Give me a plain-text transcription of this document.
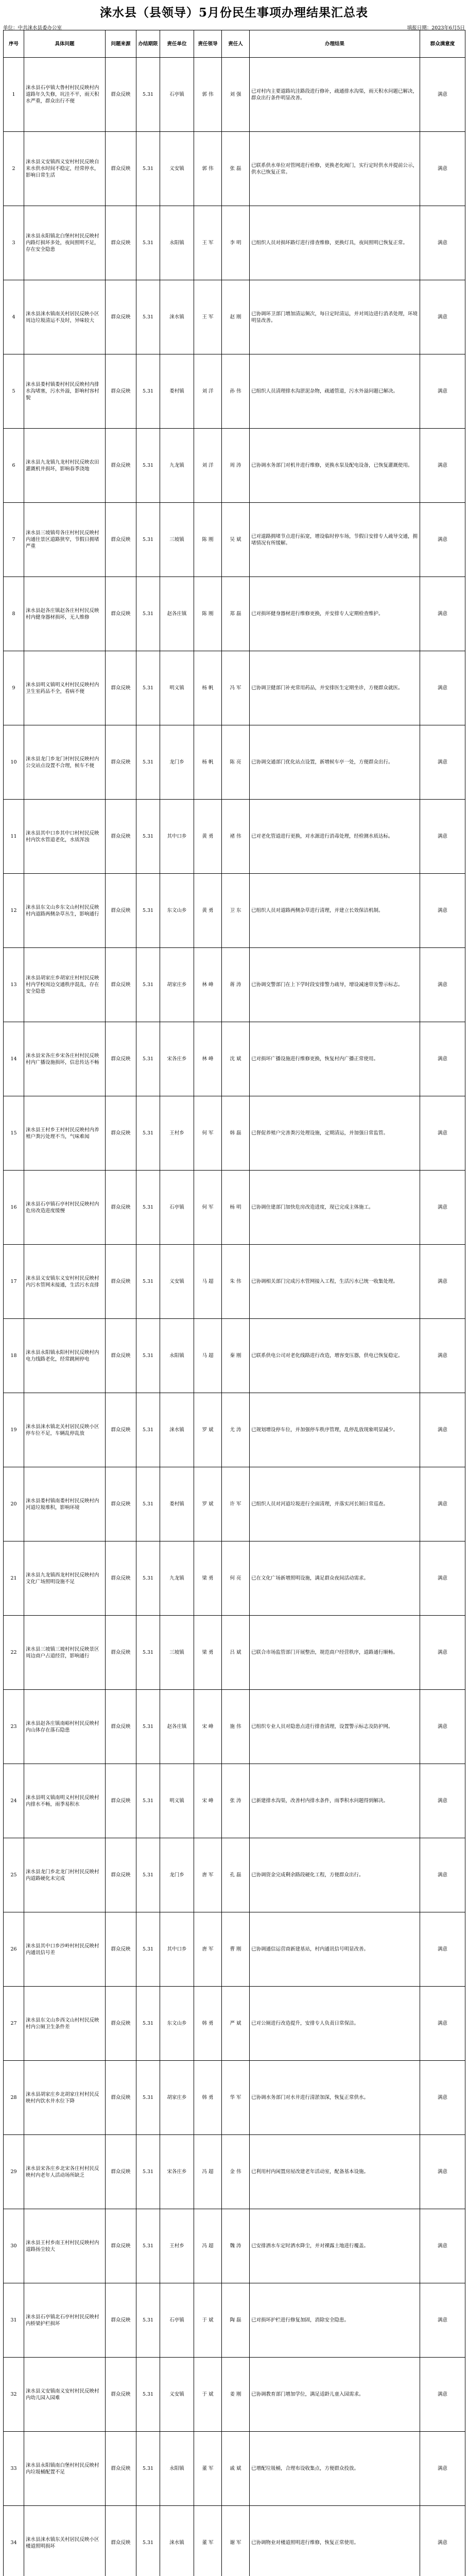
涞水县（县领导）5月份民生事项办理结果汇总表
单位：中共涞水县委办公室	填报日期：2023年6月5日
序号	具体问题	问题来源	办结期限	责任单位	责任领导	责任人	办理结果	群众满意度
1	涞水县石亭镇大鲁村村民反映村内道路年久失修，坑洼不平，雨天积水严重，群众出行不便	群众反映	5.31	石亭镇	郭 伟	刘 强	已对村内主要道路坑洼路段进行修补，疏通排水沟渠，雨天积水问题已解决，群众出行条件明显改善。	满意
2	涞水县义安镇西义安村村民反映自来水供水时间不稳定，经常停水，影响日常生活	群众反映	5.31	义安镇	郭 伟	张 磊	已联系供水单位对管网进行检修，更换老化阀门，实行定时供水并提前公示，供水已恢复正常。	满意
3	涞水县永阳镇北白堡村村民反映村内路灯损坏多处，夜间照明不足，存在安全隐患	群众反映	5.31	永阳镇	王 军	李 明	已组织人员对损坏路灯进行排查维修，更换灯具，夜间照明已恢复正常。	满意
4	涞水县涞水镇南关村居民反映小区周边垃圾清运不及时，异味较大	群众反映	5.31	涞水镇	王 军	赵 刚	已协调环卫部门增加清运频次，每日定时清运，并对周边进行消杀处理，环境明显改善。	满意
5	涞水县娄村镇娄村村民反映村内排水沟堵塞，污水外溢，影响村容村貌	群众反映	5.31	娄村镇	刘 洋	孙 伟	已组织人员清理排水沟淤泥杂物，疏通管道，污水外溢问题已解决。	满意
6	涞水县九龙镇九龙村村民反映农田灌溉机井损坏，影响春季浇地	群众反映	5.31	九龙镇	刘 洋	周 涛	已协调水务部门对机井进行维修，更换水泵及配电设备，已恢复灌溉使用。	满意
7	涞水县三坡镇苟各庄村村民反映村内通往景区道路狭窄，节假日拥堵严重	群众反映	5.31	三坡镇	陈 刚	吴 斌	已对道路拥堵节点进行拓宽，增设临时停车场，节假日安排专人疏导交通，拥堵情况有所缓解。	满意
8	涞水县赵各庄镇赵各庄村村民反映村内健身器材损坏，无人维修	群众反映	5.31	赵各庄镇	陈 刚	郑 磊	已对损坏健身器材进行维修更换，并安排专人定期检查维护。	满意
9	涞水县明义镇明义村村民反映村内卫生室药品不全，看病不便	群众反映	5.31	明义镇	杨 帆	冯 军	已协调卫健部门补充常用药品，并安排医生定期坐诊，方便群众就医。	满意
10	涞水县龙门乡龙门村村民反映村内公交站点设置不合理，候车不便	群众反映	5.31	龙门乡	杨 帆	陈 亮	已协调交通部门优化站点设置，新增候车亭一处，方便群众出行。	满意
11	涞水县其中口乡其中口村村民反映村内饮水管道老化，水质浑浊	群众反映	5.31	其中口乡	黄 勇	褚 伟	已对老化管道进行更换，对水源进行消毒处理，经检测水质达标。	满意
12	涞水县东文山乡东文山村村民反映村内道路两侧杂草丛生，影响通行	群众反映	5.31	东文山乡	黄 勇	卫 东	已组织人员对道路两侧杂草进行清理，并建立长效保洁机制。	满意
13	涞水县胡家庄乡胡家庄村村民反映村内学校周边交通秩序混乱，存在安全隐患	群众反映	5.31	胡家庄乡	林 峰	蒋 涛	已协调交警部门在上下学时段安排警力疏导，增设减速带及警示标志。	满意
14	涞水县宋各庄乡宋各庄村村民反映村内广播设施损坏，信息传达不畅	群众反映	5.31	宋各庄乡	林 峰	沈 斌	已对损坏广播设施进行维修更换，恢复村内广播正常使用。	满意
15	涞水县王村乡王村村民反映村内养殖户粪污处理不当，气味难闻	群众反映	5.31	王村乡	何 军	韩 磊	已督促养殖户完善粪污处理设施，定期清运，并加强日常监管。	满意
16	涞水县石亭镇石亭村村民反映村内危房改造进度缓慢	群众反映	5.31	石亭镇	何 军	杨 明	已协调住建部门加快危房改造进度，现已完成主体施工。	满意
17	涞水县义安镇东义安村村民反映村内污水管网未接通，生活污水直排	群众反映	5.31	义安镇	马 超	朱 伟	已协调相关部门完成污水管网接入工程，生活污水已统一收集处理。	满意
18	涞水县永阳镇永阳村村民反映村内电力线路老化，经常跳闸停电	群众反映	5.31	永阳镇	马 超	秦 刚	已联系供电公司对老化线路进行改造，增容变压器，供电已恢复稳定。	满意
19	涞水县涞水镇北关村居民反映小区停车位不足，车辆乱停乱放	群众反映	5.31	涞水镇	罗 斌	尤 涛	已规划增设停车位，并加强停车秩序管理，乱停乱放现象明显减少。	满意
20	涞水县娄村镇南娄村村民反映村内河道垃圾堆积，影响环境	群众反映	5.31	娄村镇	罗 斌	许 军	已组织人员对河道垃圾进行全面清理，并落实河长制日常巡查。	满意
21	涞水县九龙镇西龙村村民反映村内文化广场照明设施不足	群众反映	5.31	九龙镇	梁 勇	何 亮	已在文化广场新增照明设施，满足群众夜间活动需求。	满意
22	涞水县三坡镇三坡村村民反映景区周边商户占道经营，影响通行	群众反映	5.31	三坡镇	梁 勇	吕 斌	已联合市场监管部门开展整治，规范商户经营秩序，道路通行顺畅。	满意
23	涞水县赵各庄镇南峪村村民反映村内山体存在落石隐患	群众反映	5.31	赵各庄镇	宋 峰	施 伟	已组织专业人员对隐患点进行排查清理，设置警示标志及防护网。	满意
24	涞水县明义镇南明义村村民反映村内排水不畅，雨季易积水	群众反映	5.31	明义镇	宋 峰	张 涛	已新建排水沟渠，改善村内排水条件，雨季积水问题得到解决。	满意
25	涞水县龙门乡北龙门村村民反映村内道路硬化未完成	群众反映	5.31	龙门乡	唐 军	孔 磊	已协调资金完成剩余路段硬化工程，方便群众出行。	满意
26	涞水县其中口乡沙岭村村民反映村内通讯信号差	群众反映	5.31	其中口乡	唐 军	曹 刚	已协调通信运营商新建基站，村内通讯信号明显改善。	满意
27	涞水县东文山乡西文山村村民反映村内公厕卫生条件差	群众反映	5.31	东文山乡	韩 勇	严 斌	已对公厕进行改造提升，安排专人负责日常保洁。	满意
28	涞水县胡家庄乡北胡家庄村村民反映村内饮水井水位下降	群众反映	5.31	胡家庄乡	韩 勇	华 军	已协调水务部门对水井进行清淤加深，恢复正常供水。	满意
29	涞水县宋各庄乡北宋各庄村村民反映村内老年人活动场所缺乏	群众反映	5.31	宋各庄乡	冯 超	金 伟	已利用村内闲置房屋改建老年活动室，配备基本设施。	满意
30	涞水县王村乡南王村村民反映村内道路扬尘较大	群众反映	5.31	王村乡	冯 超	魏 涛	已安排洒水车定时洒水降尘，并对裸露土地进行覆盖。	满意
31	涞水县石亭镇北石亭村村民反映村内桥梁护栏损坏	群众反映	5.31	石亭镇	于 斌	陶 磊	已对损坏护栏进行修复加固，消除安全隐患。	满意
32	涞水县义安镇南义安村村民反映村内幼儿园入园难	群众反映	5.31	义安镇	于 斌	姜 刚	已协调教育部门增加学位，满足适龄儿童入园需求。	满意
33	涞水县永阳镇南白堡村村民反映村内垃圾桶配置不足	群众反映	5.31	永阳镇	董 军	戚 斌	已增配垃圾桶，合理布设收集点，方便群众投放。	满意
34	涞水县涞水镇东关村居民反映小区楼道照明损坏	群众反映	5.31	涞水镇	董 军	谢 军	已协调物业对楼道照明进行维修，恢复正常使用。	满意
